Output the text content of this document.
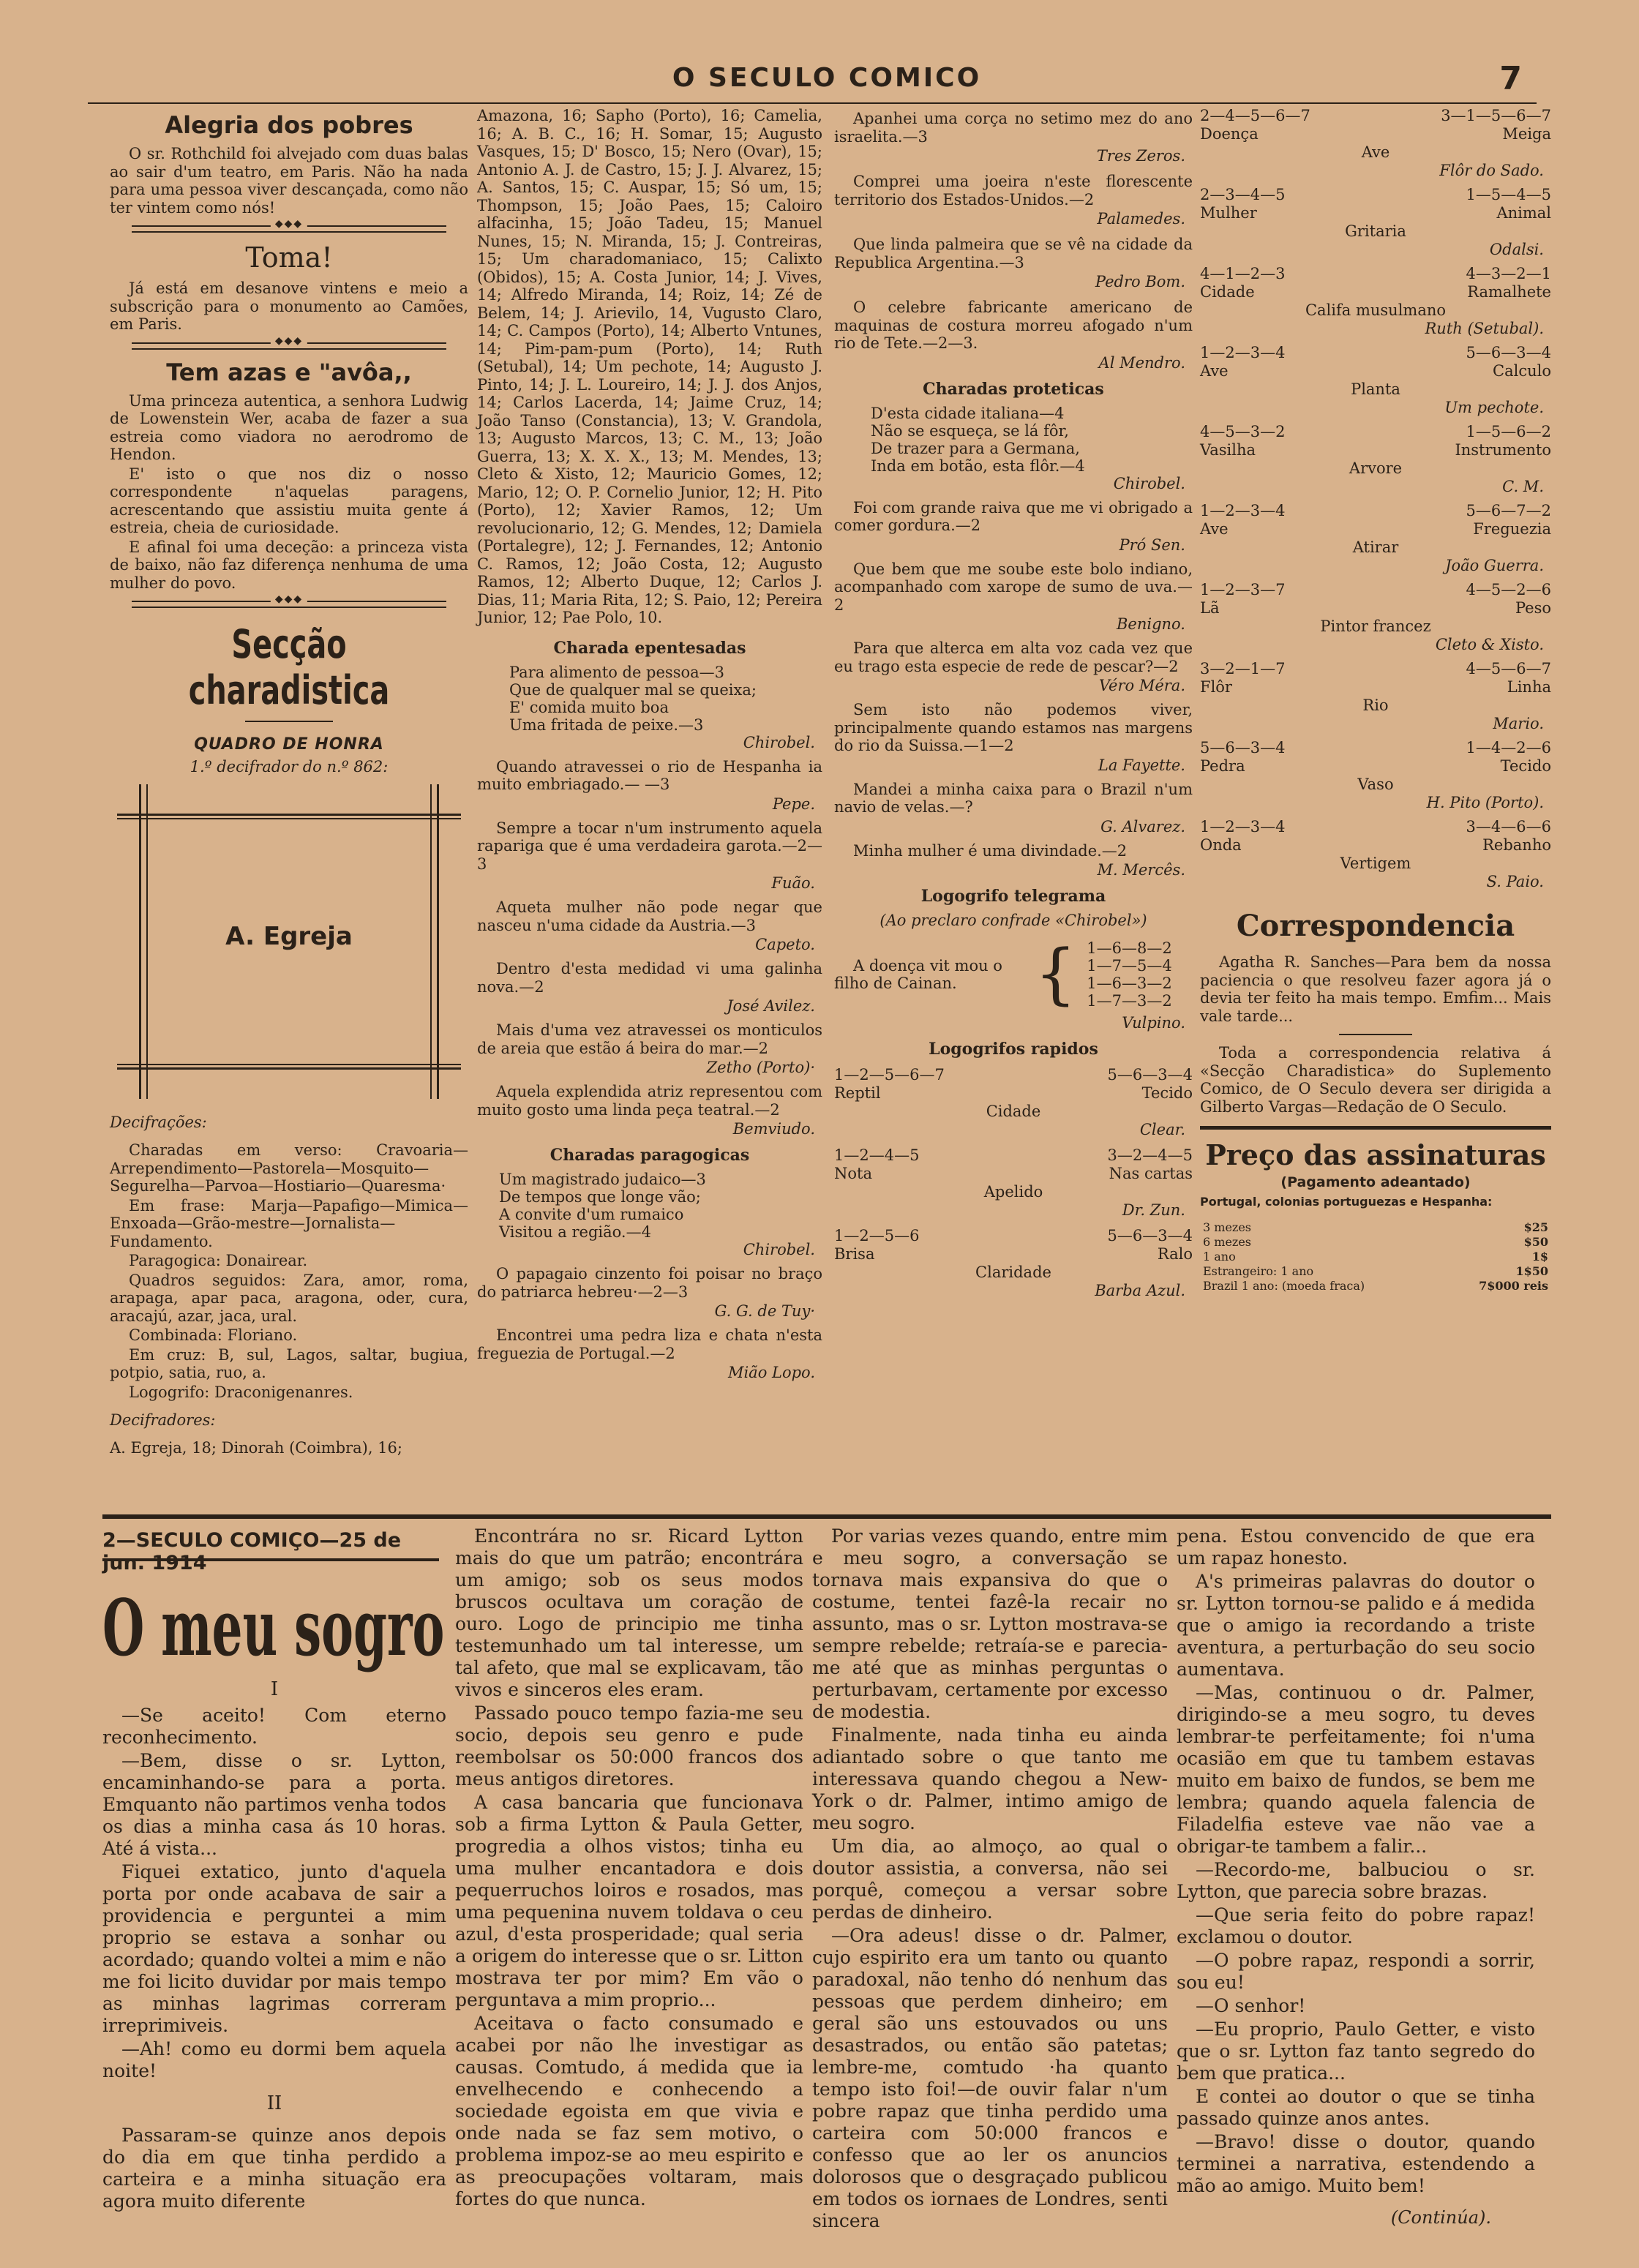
O SECULO COMICO	7
Alegria dos pobres

O sr. Rothchild foi alvejado com duas balas ao sair d'um teatro, em Paris. Não ha nada para uma pessoa viver descançada, como não ter vintem como nós!

◆◆◆
Toma!

Já está em desanove vintens e meio a subscrição para o monumento ao Camões, em Paris.

◆◆◆
Tem azas e "avôa,,

Uma princeza autentica, a senhora Ludwig de Lowenstein Wer, acaba de fazer a sua estreia como viadora no aerodromo de Hendon.

E' isto o que nos diz o nosso correspondente n'aquelas paragens, acrescentando que assistiu muita gente á estreia, cheia de curiosidade.

E afinal foi uma deceção: a princeza vista de baixo, não faz diferença nenhuma de uma mulher do povo.

◆◆◆
Secção charadistica
QUADRO DE HONRA
1.º decifrador do n.º 862:
A. Egreja

Decifrações:

Charadas em verso: Cravoaria—Arrependimento—Pastorela—Mosquito—Segurelha—Parvoa—Hostiario—Quaresma·

Em frase: Marja—Papafigo—Mimica—Enxoada—Grão-mestre—Jornalista—Fundamento.

Paragogica: Donairear.

Quadros seguidos: Zara, amor, roma, arapaga, apar paca, aragona, oder, cura, aracajú, azar, jaca, ural.

Combinada: Floriano.

Em cruz: B, sul, Lagos, saltar, bugiua, potpio, satia, ruo, a.

Logogrifo: Draconigenanres.

Decifradores:

A. Egreja, 18; Dinorah (Coimbra), 16;

Amazona, 16; Sapho (Porto), 16; Camelia, 16; A. B. C., 16; H. Somar, 15; Augusto Vasques, 15; D' Bosco, 15; Nero (Ovar), 15; Antonio A. J. de Castro, 15; J. J. Alvarez, 15; A. Santos, 15; C. Auspar, 15; Só um, 15; Thompson, 15; João Paes, 15; Caloiro alfacinha, 15; João Tadeu, 15; Manuel Nunes, 15; N. Miranda, 15; J. Contreiras, 15; Um charadomaniaco, 15; Calixto (Obidos), 15; A. Costa Junior, 14; J. Vives, 14; Alfredo Miranda, 14; Roiz, 14; Zé de Belem, 14; J. Arievilo, 14, Vugusto Claro, 14; C. Campos (Porto), 14; Alberto Vntunes, 14; Pim-pam-pum (Porto), 14; Ruth (Setubal), 14; Um pechote, 14; Augusto J. Pinto, 14; J. L. Loureiro, 14; J. J. dos Anjos, 14; Carlos Lacerda, 14; Jaime Cruz, 14; João Tanso (Constancia), 13; V. Grandola, 13; Augusto Marcos, 13; C. M., 13; João Guerra, 13; X. X. X., 13; M. Mendes, 13; Cleto & Xisto, 12; Mauricio Gomes, 12; Mario, 12; O. P. Cornelio Junior, 12; H. Pito (Porto), 12; Xavier Ramos, 12; Um revolucionario, 12; G. Mendes, 12; Damiela (Portalegre), 12; J. Fernandes, 12; Antonio C. Ramos, 12; João Costa, 12; Augusto Ramos, 12; Alberto Duque, 12; Carlos J. Dias, 11; Maria Rita, 12; S. Paio, 12; Pereira Junior, 12; Pae Polo, 10.

Charada epentesadas
Para alimento de pessoa—3
Que de qualquer mal se queixa;
E' comida muito boa
Uma fritada de peixe.—3
Chirobel.

Quando atravessei o rio de Hespanha ia muito embriagado.— —3

Pepe.

Sempre a tocar n'um instrumento aquela rapariga que é uma verdadeira garota.—2—3

Fuão.

Aqueta mulher não pode negar que nasceu n'uma cidade da Austria.—3

Capeto.

Dentro d'esta medidad vi uma galinha nova.—2

José Avilez.

Mais d'uma vez atravessei os monticulos de areia que estão á beira do mar.—2

Zetho (Porto)·

Aquela explendida atriz representou com muito gosto uma linda peça teatral.—2

Bemviudo.
Charadas paragogicas
Um magistrado judaico—3
De tempos que longe vão;
A convite d'um rumaico
Visitou a região.—4
Chirobel.

O papagaio cinzento foi poisar no braço do patriarca hebreu·—2—3

G. G. de Tuy·

Encontrei uma pedra liza e chata n'esta freguezia de Portugal.—2

Mião Lopo.

Apanhei uma corça no setimo mez do ano israelita.—3

Tres Zeros.

Comprei uma joeira n'este florescente territorio dos Estados-Unidos.—2

Palamedes.

Que linda palmeira que se vê na cidade da Republica Argentina.—3

Pedro Bom.

O celebre fabricante americano de maquinas de costura morreu afogado n'um rio de Tete.—2—3.

Al Mendro.
Charadas proteticas
D'esta cidade italiana—4
Não se esqueça, se lá fôr,
De trazer para a Germana,
Inda em botão, esta flôr.—4
Chirobel.

Foi com grande raiva que me vi obrigado a comer gordura.—2

Pró Sen.

Que bem que me soube este bolo indiano, acompanhado com xarope de sumo de uva.—2

Benigno.

Para que alterca em alta voz cada vez que eu trago esta especie de rede de pescar?—2

Véro Méra.

Sem isto não podemos viver, principalmente quando estamos nas margens do rio da Suissa.—1—2

La Fayette.

Mandei a minha caixa para o Brazil n'um navio de velas.—?

G. Alvarez.

Minha mulher é uma divindade.—2

M. Mercês.
Logogrifo telegrama
(Ao preclaro confrade «Chirobel»)
A doença vit mou o filho de Cainan.	{ 1—6—8—2
1—7—5—4
1—6—3—2
1—7—3—2
Vulpino.
Logogrifos rapidos
1—2—5—6—7	5—6—3—4
Reptil	Tecido
Cidade
Clear.
1—2—4—5	3—2—4—5
Nota	Nas cartas
Apelido
Dr. Zun.
1—2—5—6	5—6—3—4
Brisa	Ralo
Claridade
Barba Azul.
2—4—5—6—7	3—1—5—6—7
Doença	Meiga
Ave
Flôr do Sado.
2—3—4—5	1—5—4—5
Mulher	Animal
Gritaria
Odalsi.
4—1—2—3	4—3—2—1
Cidade	Ramalhete
Califa musulmano
Ruth (Setubal).
1—2—3—4	5—6—3—4
Ave	Calculo
Planta
Um pechote.
4—5—3—2	1—5—6—2
Vasilha	Instrumento
Arvore
C. M.
1—2—3—4	5—6—7—2
Ave	Freguezia
Atirar
João Guerra.
1—2—3—7	4—5—2—6
Lã	Peso
Pintor francez
Cleto & Xisto.
3—2—1—7	4—5—6—7
Flôr	Linha
Rio
Mario.
5—6—3—4	1—4—2—6
Pedra	Tecido
Vaso
H. Pito (Porto).
1—2—3—4	3—4—6—6
Onda	Rebanho
Vertigem
S. Paio.
Correspondencia

Agatha R. Sanches—Para bem da nossa paciencia o que resolveu fazer agora já o devia ter feito ha mais tempo. Emfim... Mais vale tarde...

Toda a correspondencia relativa á «Secção Charadistica» do Suplemento Comico, de O Seculo devera ser dirigida a Gilberto Vargas—Redação de O Seculo.

Preço das assinaturas
(Pagamento adeantado)
Portugal, colonias portuguezas e Hespanha:
3 mezes	$25
6 mezes	$50
1 ano	1$
Estrangeiro: 1 ano	1$50
Brazil 1 ano: (moeda fraca)	7$000 reis
2—SECULO COMIÇO—25 de jun. 1914
O meu sogro
I

—Se aceito! Com eterno reconhecimento.

—Bem, disse o sr. Lytton, encaminhando-se para a porta. Emquanto não partimos venha todos os dias a minha casa ás 10 horas. Até á vista...

Fiquei extatico, junto d'aquela porta por onde acabava de sair a providencia e perguntei a mim proprio se estava a sonhar ou acordado; quando voltei a mim e não me foi licito duvidar por mais tempo as minhas lagrimas correram irreprimiveis.

—Ah! como eu dormi bem aquela noite!

II

Passaram-se quinze anos depois do dia em que tinha perdido a carteira e a minha situação era agora muito diferente

Encontrára no sr. Ricard Lytton mais do que um patrão; encontrára um amigo; sob os seus modos bruscos ocultava um coração de ouro. Logo de principio me tinha testemunhado um tal interesse, um tal afeto, que mal se explicavam, tão vivos e sinceros eles eram.

Passado pouco tempo fazia-me seu socio, depois seu genro e pude reembolsar os 50:000 francos dos meus antigos diretores.

A casa bancaria que funcionava sob a firma Lytton & Paula Getter, progredia a olhos vistos; tinha eu uma mulher encantadora e dois pequerruchos loiros e rosados, mas uma pequenina nuvem toldava o ceu azul, d'esta prosperidade; qual seria a origem do interesse que o sr. Litton mostrava ter por mim? Em vão o perguntava a mim proprio...

Aceitava o facto consumado e acabei por não lhe investigar as causas. Comtudo, á medida que ia envelhecendo e conhecendo a sociedade egoista em que vivia e onde nada se faz sem motivo, o problema impoz-se ao meu espirito e as preocupações voltaram, mais fortes do que nunca.

Por varias vezes quando, entre mim e meu sogro, a conversação se tornava mais expansiva do que o costume, tentei fazê-la recair no assunto, mas o sr. Lytton mostrava-se sempre rebelde; retraía-se e parecia-me até que as minhas perguntas o perturbavam, certamente por excesso de modestia.

Finalmente, nada tinha eu ainda adiantado sobre o que tanto me interessava quando chegou a New-York o dr. Palmer, intimo amigo de meu sogro.

Um dia, ao almoço, ao qual o doutor assistia, a conversa, não sei porquê, começou a versar sobre perdas de dinheiro.

—Ora adeus! disse o dr. Palmer, cujo espirito era um tanto ou quanto paradoxal, não tenho dó nenhum das pessoas que perdem dinheiro; em geral são uns estouvados ou uns desastrados, ou então são patetas; lembre-me, comtudo ·ha quanto tempo isto foi!—de ouvir falar n'um pobre rapaz que tinha perdido uma carteira com 50:000 francos e confesso que ao ler os anuncios dolorosos que o desgraçado publicou em todos os iornaes de Londres, senti sincera

pena. Estou convencido de que era um rapaz honesto.

A's primeiras palavras do doutor o sr. Lytton tornou-se palido e á medida que o amigo ia recordando a triste aventura, a perturbação do seu socio aumentava.

—Mas, continuou o dr. Palmer, dirigindo-se a meu sogro, tu deves lembrar-te perfeitamente; foi n'uma ocasião em que tu tambem estavas muito em baixo de fundos, se bem me lembra; quando aquela falencia de Filadelfia esteve vae não vae a obrigar-te tambem a falir...

—Recordo-me, balbuciou o sr. Lytton, que parecia sobre brazas.

—Que seria feito do pobre rapaz! exclamou o doutor.

—O pobre rapaz, respondi a sorrir, sou eu!

—O senhor!

—Eu proprio, Paulo Getter, e visto que o sr. Lytton faz tanto segredo do bem que pratica...

E contei ao doutor o que se tinha passado quinze anos antes.

—Bravo! disse o doutor, quando terminei a narrativa, estendendo a mão ao amigo. Muito bem!

(Continúa).
